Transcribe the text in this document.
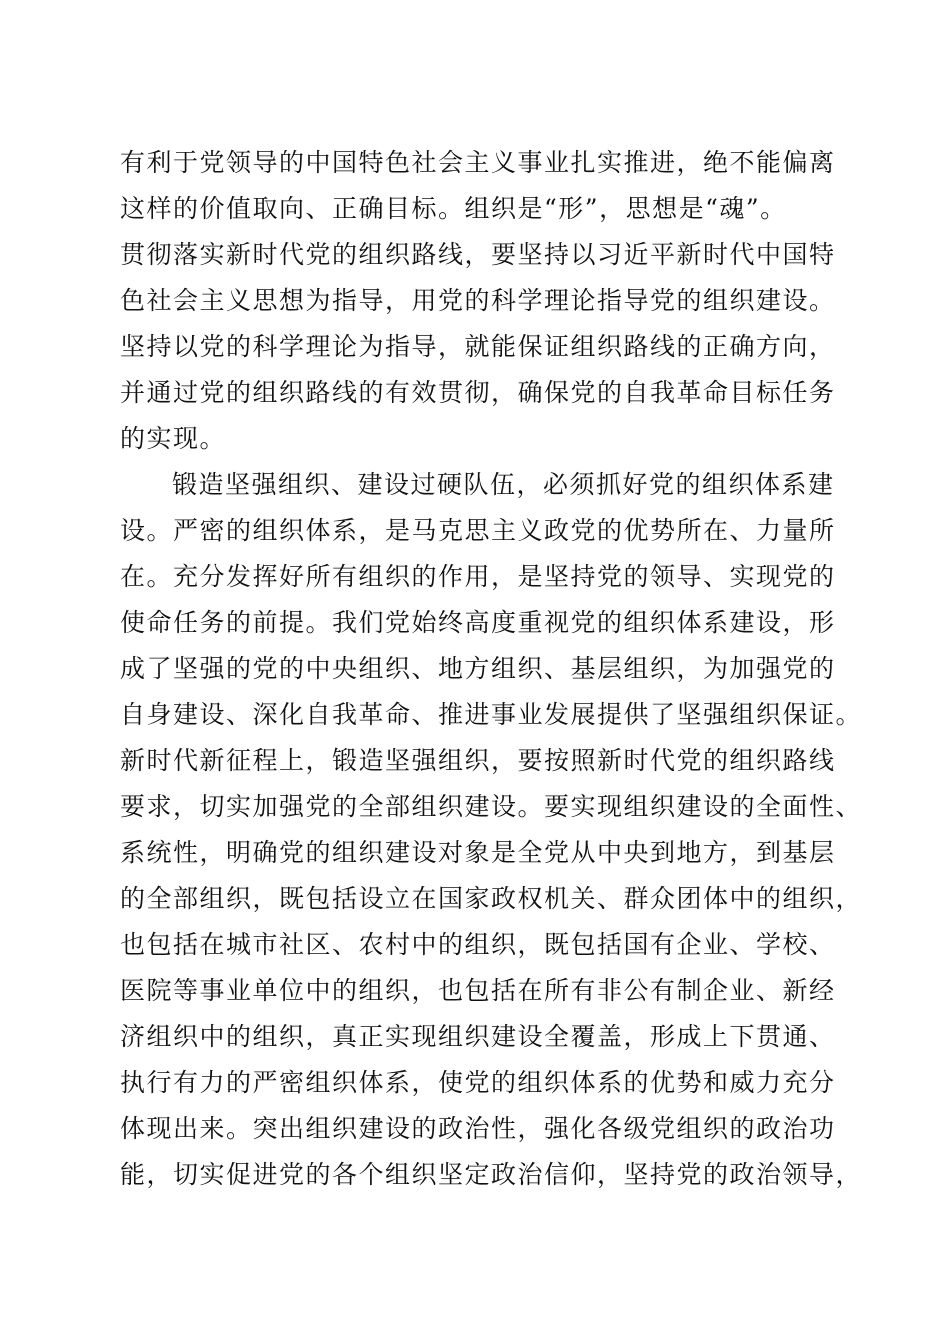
有利于党领导的中国特色社会主义事业扎实推进，绝不能偏离
这样的价值取向、正确目标。组织是“形”，思想是“魂”。
贯彻落实新时代党的组织路线，要坚持以习近平新时代中国特
色社会主义思想为指导，用党的科学理论指导党的组织建设。
坚持以党的科学理论为指导，就能保证组织路线的正确方向，
并通过党的组织路线的有效贯彻，确保党的自我革命目标任务
的实现。
锻造坚强组织、建设过硬队伍，必须抓好党的组织体系建
设。严密的组织体系，是马克思主义政党的优势所在、力量所
在。充分发挥好所有组织的作用，是坚持党的领导、实现党的
使命任务的前提。我们党始终高度重视党的组织体系建设，形
成了坚强的党的中央组织、地方组织、基层组织，为加强党的
自身建设、深化自我革命、推进事业发展提供了坚强组织保证。
新时代新征程上，锻造坚强组织，要按照新时代党的组织路线
要求，切实加强党的全部组织建设。要实现组织建设的全面性、
系统性，明确党的组织建设对象是全党从中央到地方，到基层
的全部组织，既包括设立在国家政权机关、群众团体中的组织，
也包括在城市社区、农村中的组织，既包括国有企业、学校、
医院等事业单位中的组织，也包括在所有非公有制企业、新经
济组织中的组织，真正实现组织建设全覆盖，形成上下贯通、
执行有力的严密组织体系，使党的组织体系的优势和威力充分
体现出来。突出组织建设的政治性，强化各级党组织的政治功
能，切实促进党的各个组织坚定政治信仰，坚持党的政治领导，
